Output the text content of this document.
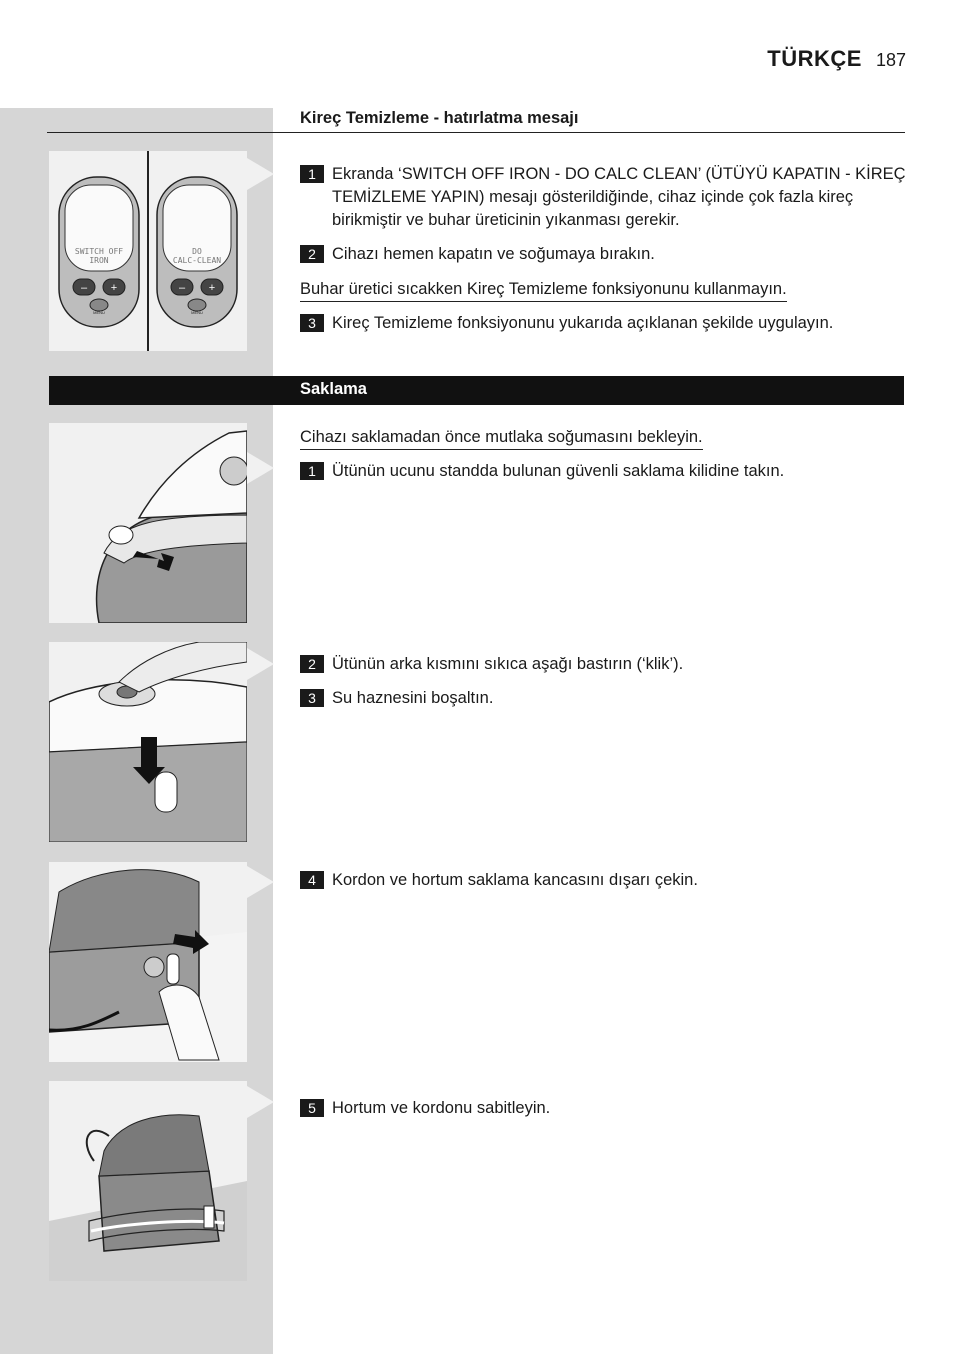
TÜRKÇE 187
Kireç Temizleme - hatırlatma mesajı
SWITCH OFF
IRON
– +
MENU
DO
CALC-CLEAN
– +
MENU
1 Ekranda ‘SWITCH OFF IRON - DO CALC CLEAN’ (ÜTÜYÜ KAPATIN - KİREÇ TEMİZLEME YAPIN) mesajı gösterildiğinde, cihaz içinde çok fazla kireç birikmiştir ve buhar üreticinin yıkanması gerekir.
2 Cihazı hemen kapatın ve soğumaya bırakın.
Buhar üretici sıcakken Kireç Temizleme fonksiyonunu kullanmayın.
3 Kireç Temizleme fonksiyonunu yukarıda açıklanan şekilde uygulayın.
Saklama
Cihazı saklamadan önce mutlaka soğumasını bekleyin.
1 Ütünün ucunu standda bulunan güvenli saklama kilidine takın.
2 Ütünün arka kısmını sıkıca aşağı bastırın (‘klik’).
3 Su haznesini boşaltın.
4 Kordon ve hortum saklama kancasını dışarı çekin.
5 Hortum ve kordonu sabitleyin.
